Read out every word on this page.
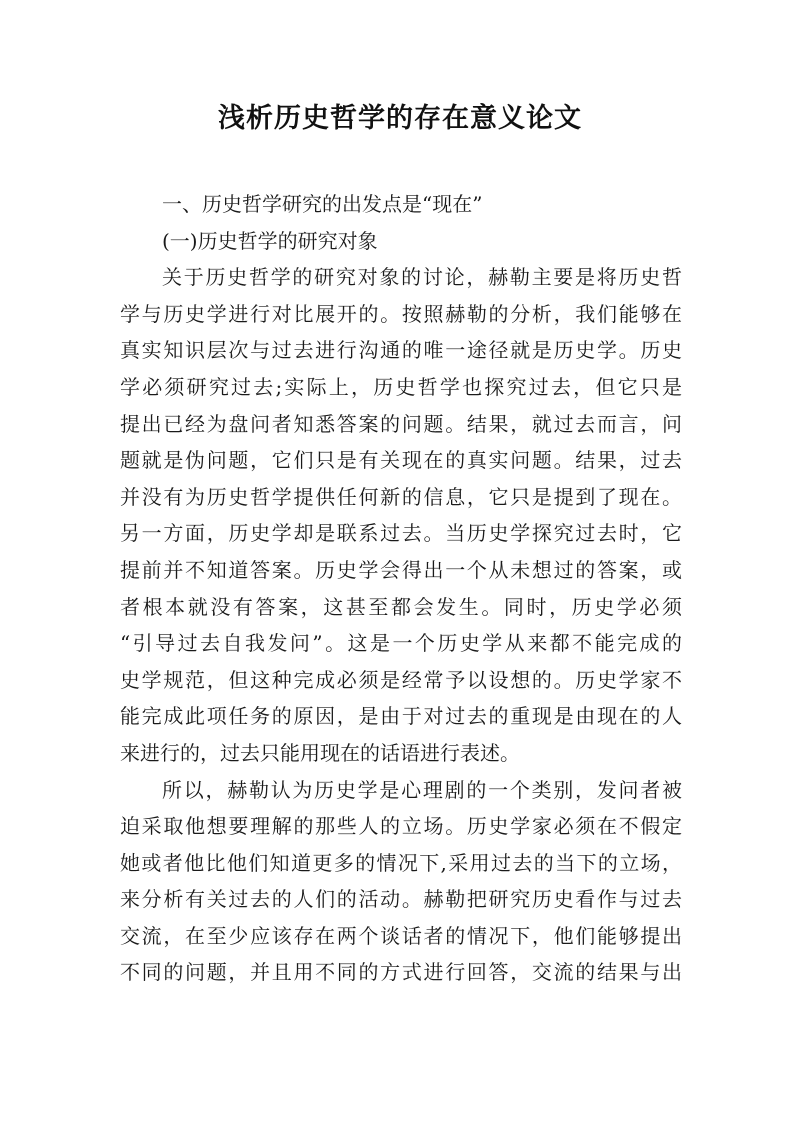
浅析历史哲学的存在意义论文
一、历史哲学研究的出发点是“现在”
(一)历史哲学的研究对象
关于历史哲学的研究对象的讨论，赫勒主要是将历史哲
学与历史学进行对比展开的。按照赫勒的分析，我们能够在
真实知识层次与过去进行沟通的唯一途径就是历史学。历史
学必须研究过去;实际上，历史哲学也探究过去，但它只是
提出已经为盘问者知悉答案的问题。结果，就过去而言，问
题就是伪问题，它们只是有关现在的真实问题。结果，过去
并没有为历史哲学提供任何新的信息，它只是提到了现在。
另一方面，历史学却是联系过去。当历史学探究过去时，它
提前并不知道答案。历史学会得出一个从未想过的答案，或
者根本就没有答案，这甚至都会发生。同时，历史学必须
“引导过去自我发问”。这是一个历史学从来都不能完成的
史学规范，但这种完成必须是经常予以设想的。历史学家不
能完成此项任务的原因，是由于对过去的重现是由现在的人
来进行的，过去只能用现在的话语进行表述。
所以，赫勒认为历史学是心理剧的一个类别，发问者被
迫采取他想要理解的那些人的立场。历史学家必须在不假定
她或者他比他们知道更多的情况下,采用过去的当下的立场，
来分析有关过去的人们的活动。赫勒把研究历史看作与过去
交流，在至少应该存在两个谈话者的情况下，他们能够提出
不同的问题，并且用不同的方式进行回答，交流的结果与出
